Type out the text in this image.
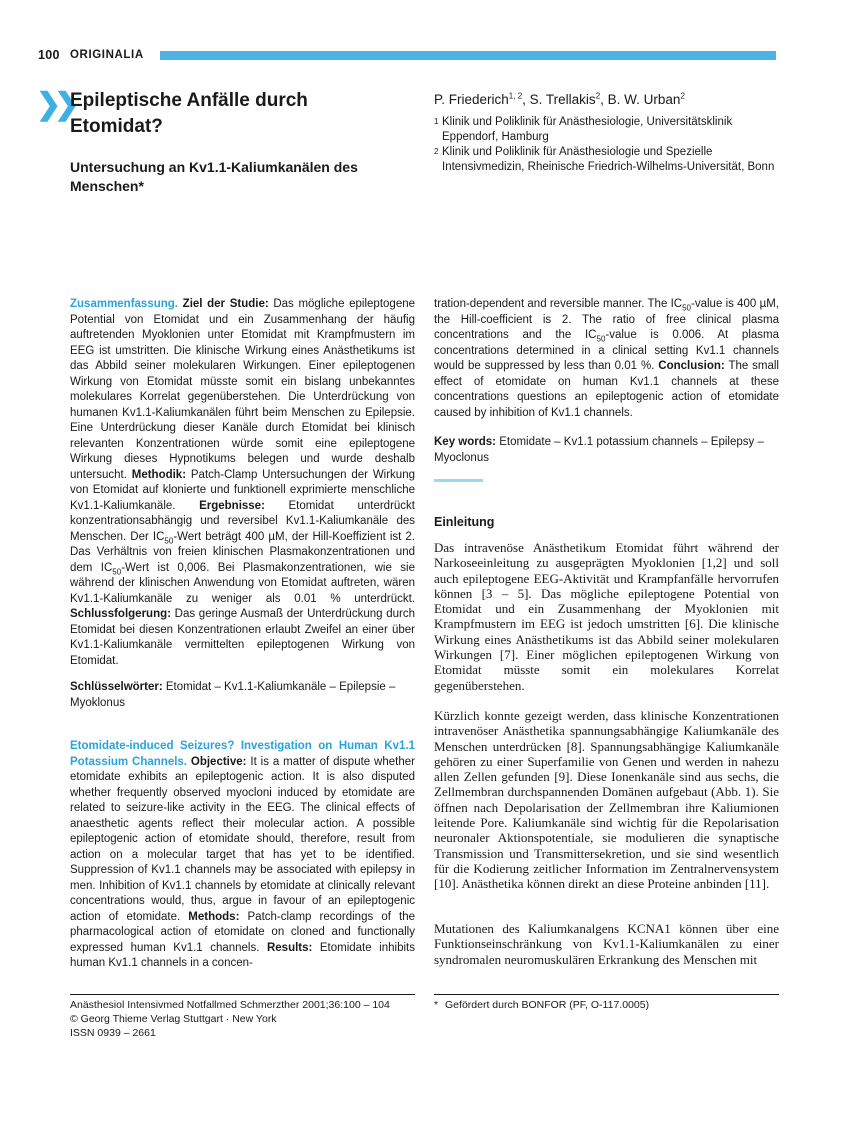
100 ORIGINALIA
❯❯
Epileptische Anfälle durch Etomidat?
Untersuchung an Kv1.1-Kaliumkanälen des Menschen*
P. Friederich$^{1, 2}$, S. Trellakis$^2$, B. W. Urban$^2$
1 Klinik und Poliklinik für Anästhesiologie, Universitätsklinik Eppendorf, Hamburg
2 Klinik und Poliklinik für Anästhesiologie und Spezielle Intensivmedizin, Rheinische Friedrich-Wilhelms-Universität, Bonn

Zusammenfassung. Ziel der Studie: Das mögliche epileptogene Potential von Etomidat und ein Zusammenhang der häufig auftretenden Myoklonien unter Etomidat mit Krampfmustern im EEG ist umstritten. Die klinische Wirkung eines Anästhetikums ist das Abbild seiner molekularen Wirkungen. Einer epileptogenen Wirkung von Etomidat müsste somit ein bislang unbekanntes molekulares Korrelat gegenüberstehen. Die Unterdrückung von humanen Kv1.1-Kaliumkanälen führt beim Menschen zu Epilepsie. Eine Unterdrückung dieser Kanäle durch Etomidat bei klinisch relevanten Konzentrationen würde somit eine epileptogene Wirkung dieses Hypnotikums belegen und wurde deshalb untersucht. Methodik: Patch-Clamp Untersuchungen der Wirkung von Etomidat auf klonierte und funktionell exprimierte menschliche Kv1.1-Kaliumkanäle. Ergebnisse: Etomidat unterdrückt konzentrationsabhängig und reversibel Kv1.1-Kaliumkanäle des Menschen. Der $IC_{50}$-Wert beträgt 400 µM, der Hill-Koeffizient ist 2. Das Verhältnis von freien klinischen Plasmakonzentrationen und dem $IC_{50}$-Wert ist 0,006. Bei Plasmakonzentrationen, wie sie während der klinischen Anwendung von Etomidat auftreten, wären Kv1.1-Kaliumkanäle zu weniger als 0.01 % unterdrückt. Schlussfolgerung: Das geringe Ausmaß der Unterdrückung durch Etomidat bei diesen Konzentrationen erlaubt Zweifel an einer über Kv1.1-Kaliumkanäle vermittelten epileptogenen Wirkung von Etomidat.

Schlüsselwörter: Etomidat – Kv1.1-Kaliumkanäle – Epilepsie – Myoklonus

Etomidate-induced Seizures? Investigation on Human Kv1.1 Potassium Channels. Objective: It is a matter of dispute whether etomidate exhibits an epileptogenic action. It is also disputed whether frequently observed myocloni induced by etomidate are related to seizure-like activity in the EEG. The clinical effects of anaesthetic agents reflect their molecular action. A possible epileptogenic action of etomidate should, therefore, result from action on a molecular target that has yet to be identified. Suppression of Kv1.1 channels may be associated with epilepsy in men. Inhibition of Kv1.1 channels by etomidate at clinically relevant concentrations would, thus, argue in favour of an epileptogenic action of etomidate. Methods: Patch-clamp recordings of the pharmacological action of etomidate on cloned and functionally expressed human Kv1.1 channels. Results: Etomidate inhibits human Kv1.1 channels in a concen-

tration-dependent and reversible manner. The $IC_{50}$-value is 400 µM, the Hill-coefficient is 2. The ratio of free clinical plasma concentrations and the $IC_{50}$-value is 0.006. At plasma concentrations determined in a clinical setting Kv1.1 channels would be suppressed by less than 0.01 %. Conclusion: The small effect of etomidate on human Kv1.1 channels at these concentrations questions an epileptogenic action of etomidate caused by inhibition of Kv1.1 channels.

Key words: Etomidate – Kv1.1 potassium channels – Epilepsy – Myoclonus
Einleitung

Das intravenöse Anästhetikum Etomidat führt während der Narkoseeinleitung zu ausgeprägten Myoklonien [1,2] und soll auch epileptogene EEG-Aktivität und Krampfanfälle hervorrufen können [3 – 5]. Das mögliche epileptogene Potential von Etomidat und ein Zusammenhang der Myoklonien mit Krampfmustern im EEG ist jedoch umstritten [6]. Die klinische Wirkung eines Anästhetikums ist das Abbild seiner molekularen Wirkungen [7]. Einer möglichen epileptogenen Wirkung von Etomidat müsste somit ein molekulares Korrelat gegenüberstehen.

Kürzlich konnte gezeigt werden, dass klinische Konzentrationen intravenöser Anästhetika spannungsabhängige Kaliumkanäle des Menschen unterdrücken [8]. Spannungsabhängige Kaliumkanäle gehören zu einer Superfamilie von Genen und werden in nahezu allen Zellen gefunden [9]. Diese Ionenkanäle sind aus sechs, die Zellmembran durchspannenden Domänen aufgebaut (Abb. 1). Sie öffnen nach Depolarisation der Zellmembran ihre Kaliumionen leitende Pore. Kaliumkanäle sind wichtig für die Repolarisation neuronaler Aktionspotentiale, sie modulieren die synaptische Transmission und Transmittersekretion, und sie sind wesentlich für die Kodierung zeitlicher Information im Zentralnervensystem [10]. Anästhetika können direkt an diese Proteine anbinden [11].

Mutationen des Kaliumkanalgens KCNA1 können über eine Funktionseinschränkung von Kv1.1-Kaliumkanälen zu einer syndromalen neuromuskulären Erkrankung des Menschen mit

Anästhesiol Intensivmed Notfallmed Schmerzther 2001;36:100 – 104
© Georg Thieme Verlag Stuttgart · New York
ISSN 0939 – 2661
* Gefördert durch BONFOR (PF, O-117.0005)
